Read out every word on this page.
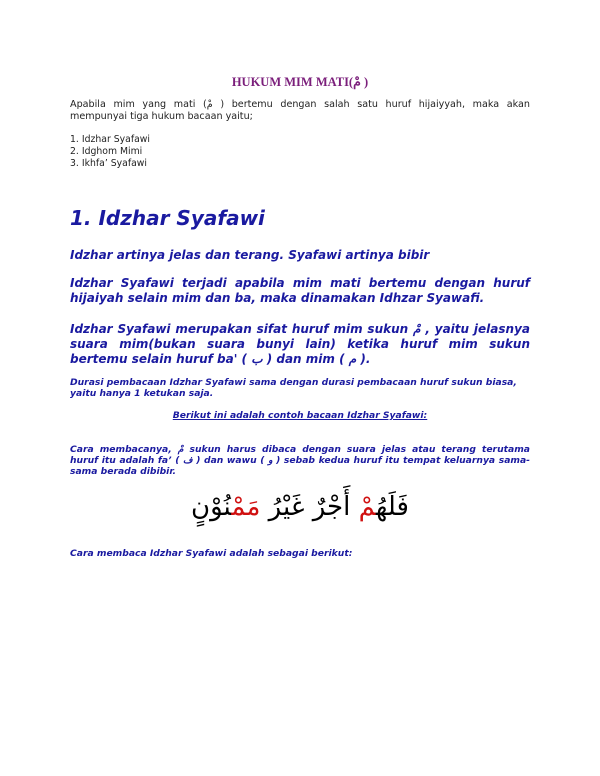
HUKUM MIM MATI(مْ )
Apabila mim yang mati (مْ ) bertemu dengan salah satu huruf hijaiyyah, maka akan mempunyai tiga hukum bacaan yaitu;
1. Idzhar Syafawi
2. Idghom Mimi
3. Ikhfa’ Syafawi
1. Idzhar Syafawi
Idzhar artinya jelas dan terang. Syafawi artinya bibir
Idzhar Syafawi terjadi apabila mim mati bertemu dengan huruf hijaiyah selain mim dan ba, maka dinamakan Idhzar Syawafi.
Idzhar Syafawi merupakan sifat huruf mim sukun مْ , yaitu jelasnya suara mim(bukan suara bunyi lain) ketika huruf mim sukun bertemu selain huruf ba' ( ب ) dan mim ( م ).
Durasi pembacaan Idzhar Syafawi sama dengan durasi pembacaan huruf sukun biasa, yaitu hanya 1 ketukan saja.
Berikut ini adalah contoh bacaan Idzhar Syafawi:
Cara membacanya, مْ sukun harus dibaca dengan suara jelas atau terang terutama huruf itu adalah fa’ ( ف ) dan wawu ( و ) sebab kedua huruf itu tempat keluarnya sama-sama berada dibibir.
فَلَهُمْ أَجْرٌ غَيْرُ مَمْنُوْنٍ
Cara membaca Idzhar Syafawi adalah sebagai berikut:
